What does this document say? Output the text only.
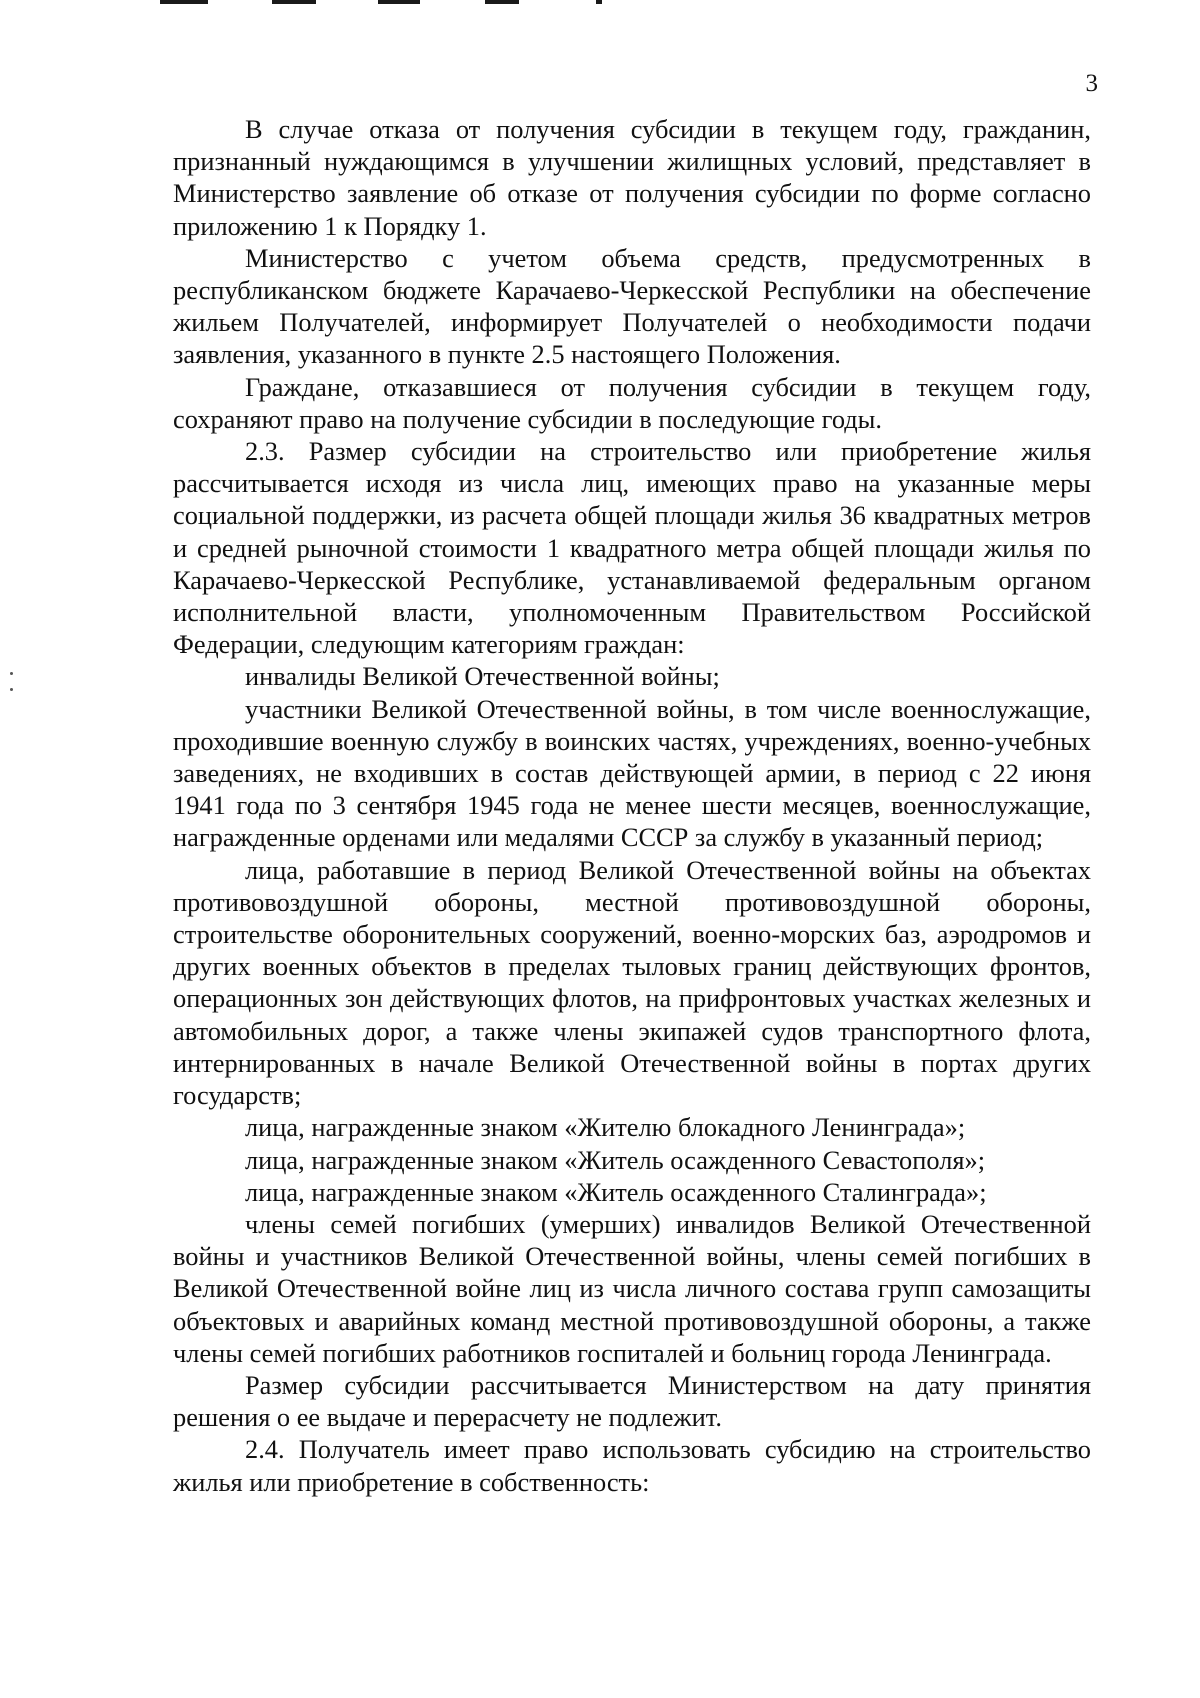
3

В случае отказа от получения субсидии в текущем году, гражданин, признанный нуждающимся в улучшении жилищных условий, представляет в Министерство заявление об отказе от получения субсидии по форме согласно приложению 1 к Порядку 1.

Министерство с учетом объема средств, предусмотренных в республиканском бюджете Карачаево-Черкесской Республики на обеспечение жильем Получателей, информирует Получателей о необходимости подачи заявления, указанного в пункте 2.5 настоящего Положения.

Граждане, отказавшиеся от получения субсидии в текущем году, сохраняют право на получение субсидии в последующие годы.

2.3. Размер субсидии на строительство или приобретение жилья рассчитывается исходя из числа лиц, имеющих право на указанные меры социальной поддержки, из расчета общей площади жилья 36 квадратных метров и средней рыночной стоимости 1 квадратного метра общей площади жилья по Карачаево-Черкесской Республике, устанавливаемой федеральным органом исполнительной власти, уполномоченным Правительством Российской Федерации, следующим категориям граждан:

инвалиды Великой Отечественной войны;

участники Великой Отечественной войны, в том числе военнослужащие, проходившие военную службу в воинских частях, учреждениях, военно-учебных заведениях, не входивших в состав действующей армии, в период с 22 июня 1941 года по 3 сентября 1945 года не менее шести месяцев, военнослужащие, награжденные орденами или медалями СССР за службу в указанный период;

лица, работавшие в период Великой Отечественной войны на объектах противовоздушной обороны, местной противовоздушной обороны, строительстве оборонительных сооружений, военно-морских баз, аэродромов и других военных объектов в пределах тыловых границ действующих фронтов, операционных зон действующих флотов, на прифронтовых участках железных и автомобильных дорог, а также члены экипажей судов транспортного флота, интернированных в начале Великой Отечественной войны в портах других государств;

лица, награжденные знаком «Жителю блокадного Ленинграда»;

лица, награжденные знаком «Житель осажденного Севастополя»;

лица, награжденные знаком «Житель осажденного Сталинграда»;

члены семей погибших (умерших) инвалидов Великой Отечественной войны и участников Великой Отечественной войны, члены семей погибших в Великой Отечественной войне лиц из числа личного состава групп самозащиты объектовых и аварийных команд местной противовоздушной обороны, а также члены семей погибших работников госпиталей и больниц города Ленинграда.

Размер субсидии рассчитывается Министерством на дату принятия решения о ее выдаче и перерасчету не подлежит.

2.4. Получатель имеет право использовать субсидию на строительство жилья или приобретение в собственность:
